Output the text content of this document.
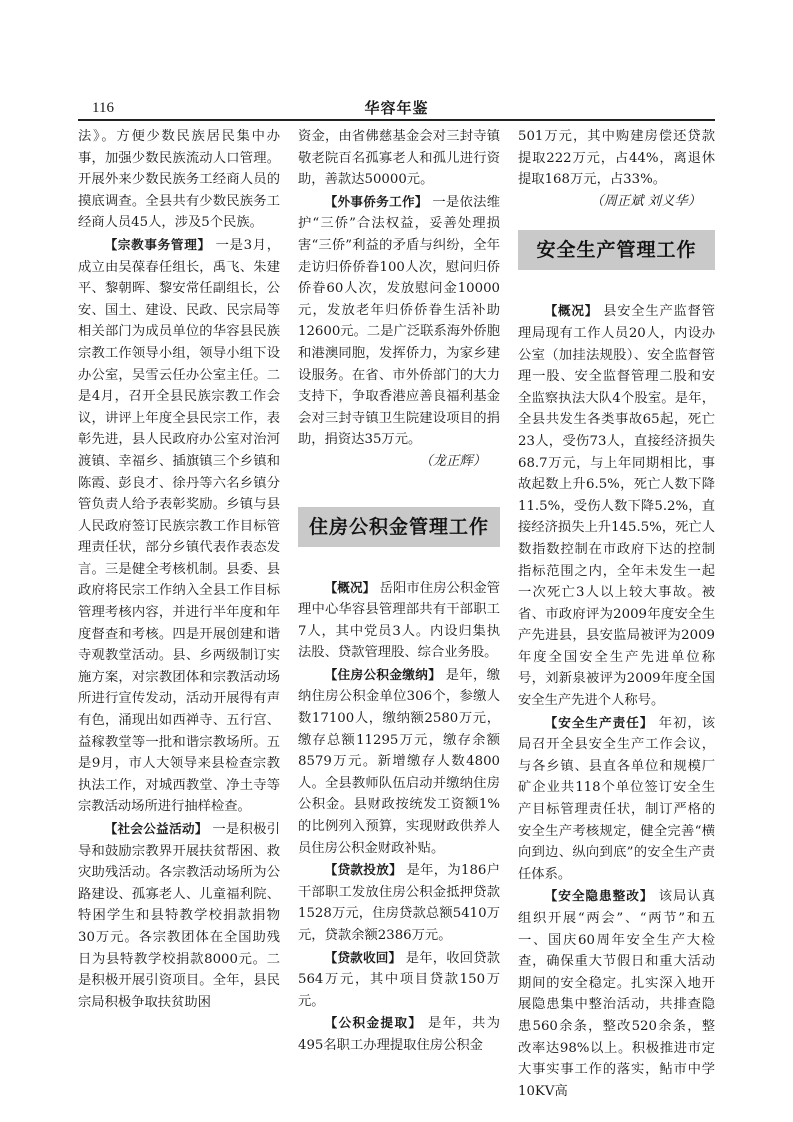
116	华容年鉴

法》。方便少数民族居民集中办事，加强少数民族流动人口管理。开展外来少数民族务工经商人员的摸底调查。全县共有少数民族务工经商人员45人，涉及5个民族。

【宗教事务管理】 一是3月，成立由吴葆春任组长，禹飞、朱建平、黎朝晖、黎安常任副组长，公安、国土、建设、民政、民宗局等相关部门为成员单位的华容县民族宗教工作领导小组，领导小组下设办公室，吴雪云任办公室主任。二是4月，召开全县民族宗教工作会议，讲评上年度全县民宗工作，表彰先进，县人民政府办公室对治河渡镇、幸福乡、插旗镇三个乡镇和陈霞、彭良才、徐丹等六名乡镇分管负责人给予表彰奖励。乡镇与县人民政府签订民族宗教工作目标管理责任状，部分乡镇代表作表态发言。三是健全考核机制。县委、县政府将民宗工作纳入全县工作目标管理考核内容，并进行半年度和年度督查和考核。四是开展创建和谐寺观教堂活动。县、乡两级制订实施方案，对宗教团体和宗教活动场所进行宣传发动，活动开展得有声有色，涌现出如西禅寺、五行宫、益稼教堂等一批和谐宗教场所。五是9月，市人大领导来县检查宗教执法工作，对城西教堂、净土寺等宗教活动场所进行抽样检查。

【社会公益活动】 一是积极引导和鼓励宗教界开展扶贫帮困、救灾助残活动。各宗教活动场所为公路建设、孤寡老人、儿童福利院、特困学生和县特教学校捐款捐物30万元。各宗教团体在全国助残日为县特教学校捐款8000元。二是积极开展引资项目。全年，县民宗局积极争取扶贫助困

资金，由省佛慈基金会对三封寺镇敬老院百名孤寡老人和孤儿进行资助，善款达50000元。

【外事侨务工作】 一是依法维护“三侨”合法权益，妥善处理损害“三侨”利益的矛盾与纠纷，全年走访归侨侨眷100人次，慰问归侨侨眷60人次，发放慰问金10000元，发放老年归侨侨眷生活补助12600元。二是广泛联系海外侨胞和港澳同胞，发挥侨力，为家乡建设服务。在省、市外侨部门的大力支持下，争取香港应善良福利基金会对三封寺镇卫生院建设项目的捐助，捐资达35万元。

（龙正辉）

住房公积金管理工作

【概况】 岳阳市住房公积金管理中心华容县管理部共有干部职工7人，其中党员3人。内设归集执法股、贷款管理股、综合业务股。

【住房公积金缴纳】 是年，缴纳住房公积金单位306个，参缴人数17100人，缴纳额2580万元，缴存总额11295万元，缴存余额8579万元。新增缴存人数4800人。全县教师队伍启动并缴纳住房公积金。县财政按统发工资额1%的比例列入预算，实现财政供养人员住房公积金财政补贴。

【贷款投放】 是年，为186户干部职工发放住房公积金抵押贷款1528万元，住房贷款总额5410万元，贷款余额2386万元。

【贷款收回】 是年，收回贷款564万元，其中项目贷款150万元。

【公积金提取】 是年，共为495名职工办理提取住房公积金

501万元，其中购建房偿还贷款提取222万元，占44%，离退休提取168万元，占33%。

（周正斌 刘义华）

安全生产管理工作

【概况】 县安全生产监督管理局现有工作人员20人，内设办公室（加挂法规股）、安全监督管理一股、安全监督管理二股和安全监察执法大队4个股室。是年，全县共发生各类事故65起，死亡23人，受伤73人，直接经济损失68.7万元，与上年同期相比，事故起数上升6.5%，死亡人数下降11.5%，受伤人数下降5.2%，直接经济损失上升145.5%，死亡人数指数控制在市政府下达的控制指标范围之内，全年未发生一起一次死亡3人以上较大事故。被省、市政府评为2009年度安全生产先进县，县安监局被评为2009年度全国安全生产先进单位称号，刘新泉被评为2009年度全国安全生产先进个人称号。

【安全生产责任】 年初，该局召开全县安全生产工作会议，与各乡镇、县直各单位和规模厂矿企业共118个单位签订安全生产目标管理责任状，制订严格的安全生产考核规定，健全完善“横向到边、纵向到底”的安全生产责任体系。

【安全隐患整改】 该局认真组织开展“两会”、“两节”和五一、国庆60周年安全生产大检查，确保重大节假日和重大活动期间的安全稳定。扎实深入地开展隐患集中整治活动，共排查隐患560余条，整改520余条，整改率达98%以上。积极推进市定大事实事工作的落实，鲇市中学10KV高
